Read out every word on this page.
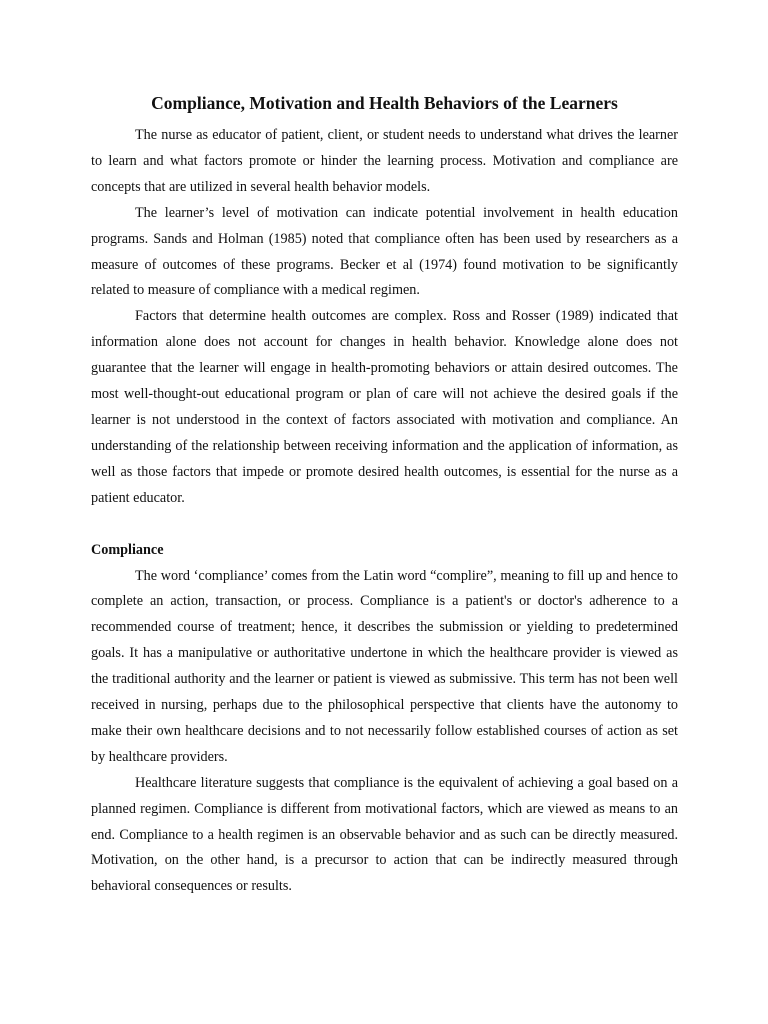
Compliance, Motivation and Health Behaviors of the Learners

The nurse as educator of patient, client, or student needs to understand what drives the learner to learn and what factors promote or hinder the learning process. Motivation and compliance are concepts that are utilized in several health behavior models.

The learner’s level of motivation can indicate potential involvement in health education programs. Sands and Holman (1985) noted that compliance often has been used by researchers as a measure of outcomes of these programs. Becker et al (1974) found motivation to be significantly related to measure of compliance with a medical regimen.

Factors that determine health outcomes are complex. Ross and Rosser (1989) indicated that information alone does not account for changes in health behavior. Knowledge alone does not guarantee that the learner will engage in health-promoting behaviors or attain desired outcomes. The most well-thought-out educational program or plan of care will not achieve the desired goals if the learner is not understood in the context of factors associated with motivation and compliance. An understanding of the relationship between receiving information and the application of information, as well as those factors that impede or promote desired health outcomes, is essential for the nurse as a patient educator.

Compliance

The word ‘compliance’ comes from the Latin word “complire”, meaning to fill up and hence to complete an action, transaction, or process. Compliance is a patient's or doctor's adherence to a recommended course of treatment; hence, it describes the submission or yielding to predetermined goals. It has a manipulative or authoritative undertone in which the healthcare provider is viewed as the traditional authority and the learner or patient is viewed as submissive. This term has not been well received in nursing, perhaps due to the philosophical perspective that clients have the autonomy to make their own healthcare decisions and to not necessarily follow established courses of action as set by healthcare providers.

Healthcare literature suggests that compliance is the equivalent of achieving a goal based on a planned regimen. Compliance is different from motivational factors, which are viewed as means to an end. Compliance to a health regimen is an observable behavior and as such can be directly measured. Motivation, on the other hand, is a precursor to action that can be indirectly measured through behavioral consequences or results.
